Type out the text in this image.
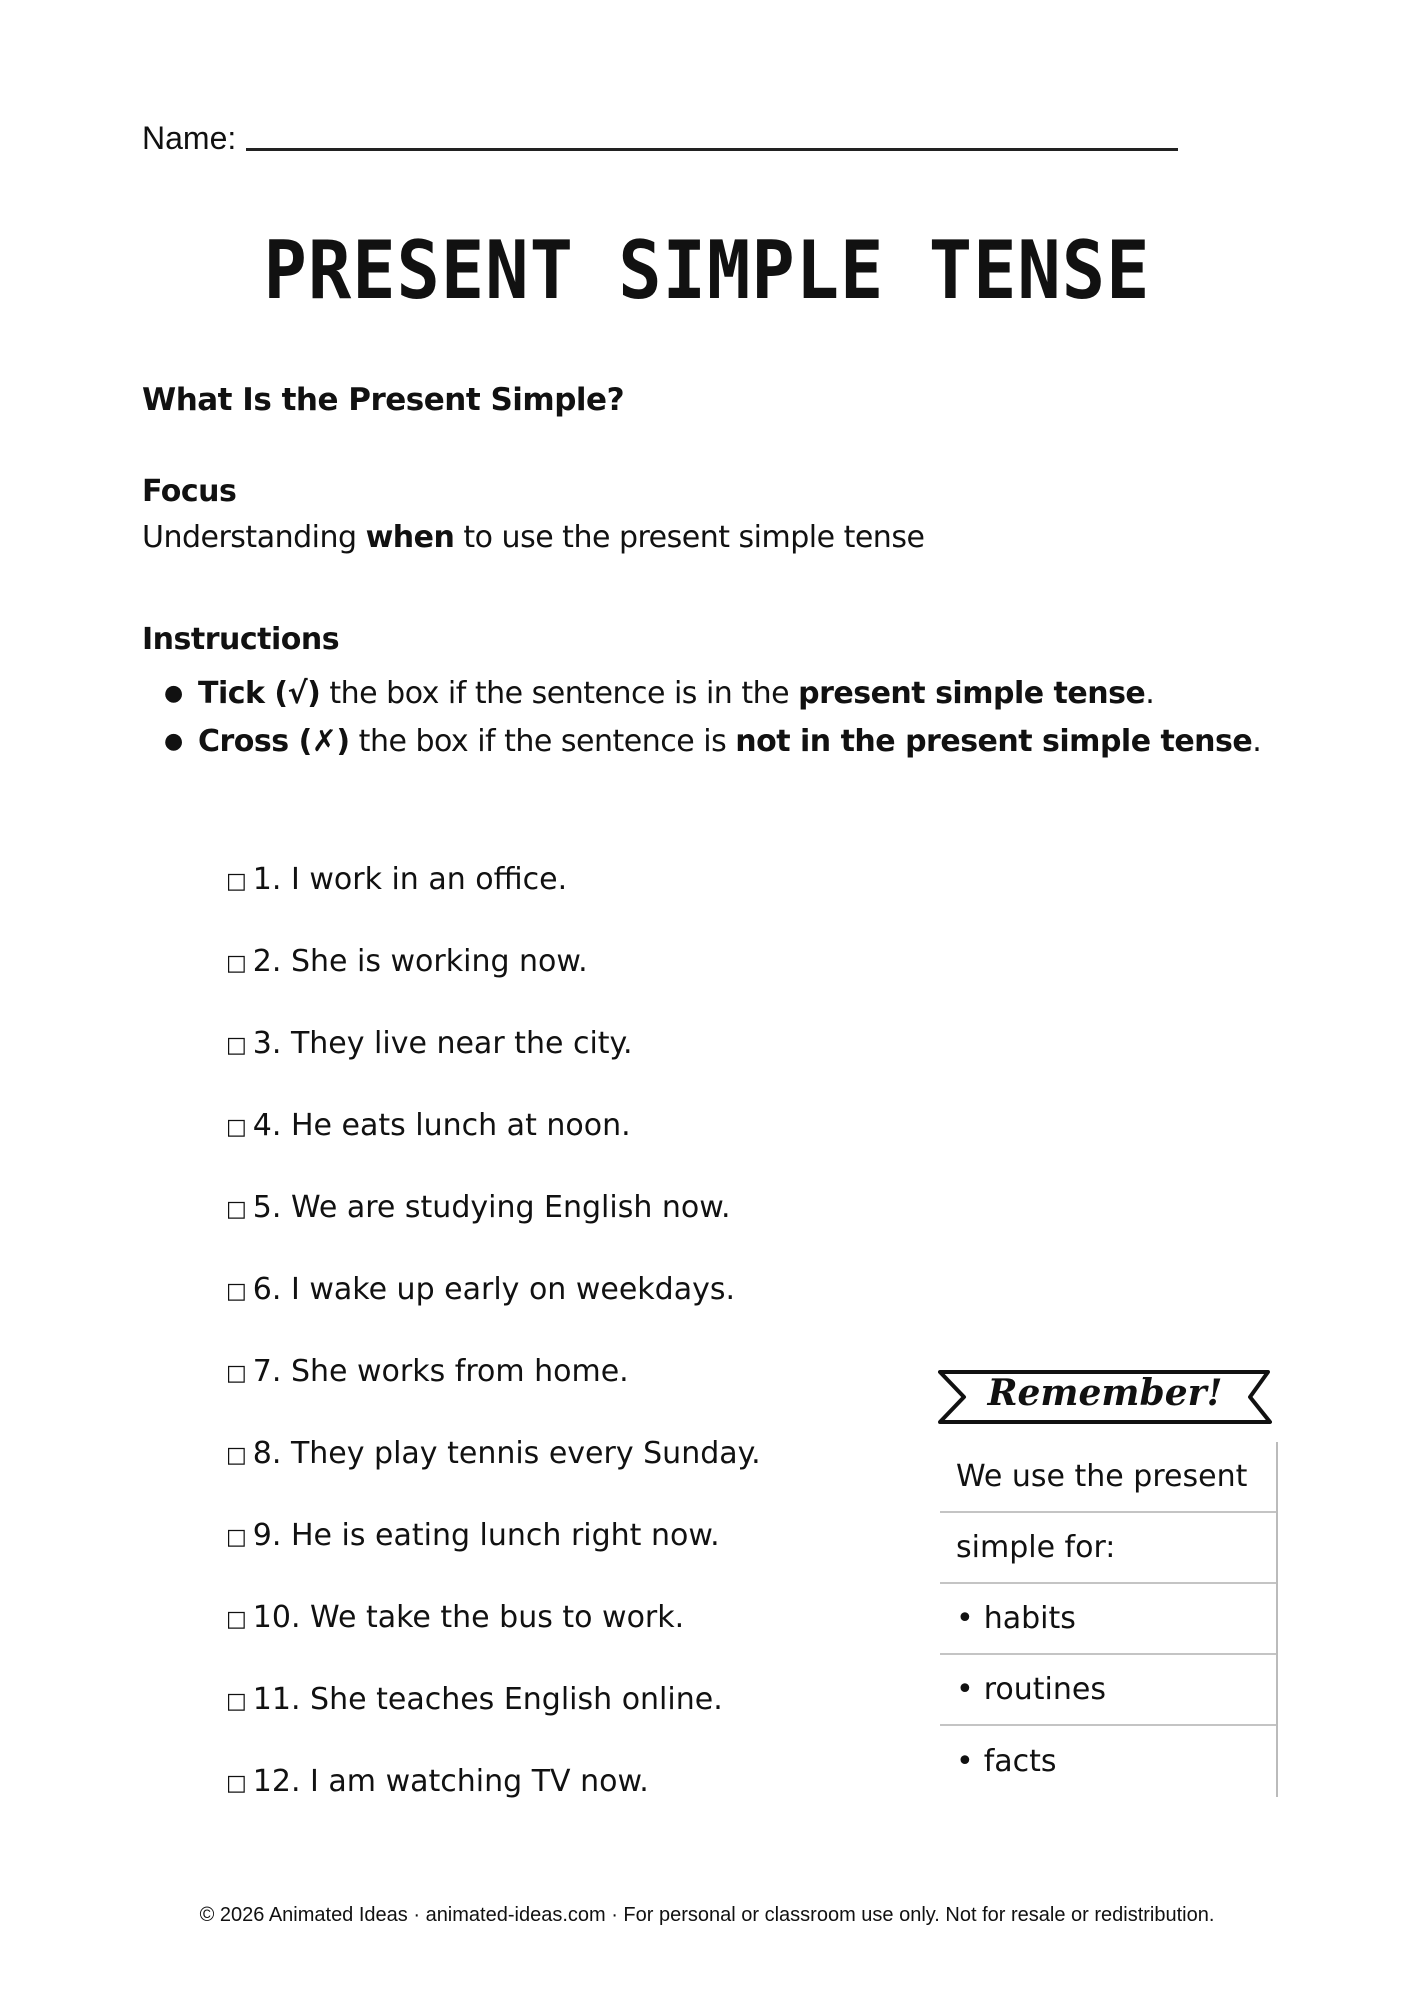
Name:
PRESENT SIMPLE TENSE
What Is the Present Simple?
Focus

Understanding when to use the present simple tense

Instructions
● Tick (√) the box if the sentence is in the present simple tense.
● Cross (✗) the box if the sentence is not in the present simple tense.
□ 1. I work in an office.
□ 2. She is working now.
□ 3. They live near the city.
□ 4. He eats lunch at noon.
□ 5. We are studying English now.
□ 6. I wake up early on weekdays.
□ 7. She works from home.
□ 8. They play tennis every Sunday.
□ 9. He is eating lunch right now.
□ 10. We take the bus to work.
□ 11. She teaches English online.
□ 12. I am watching TV now.
Remember!
We use the present
simple for:
• habits
• routines
• facts
© 2026 Animated Ideas · animated-ideas.com · For personal or classroom use only. Not for resale or redistribution.
